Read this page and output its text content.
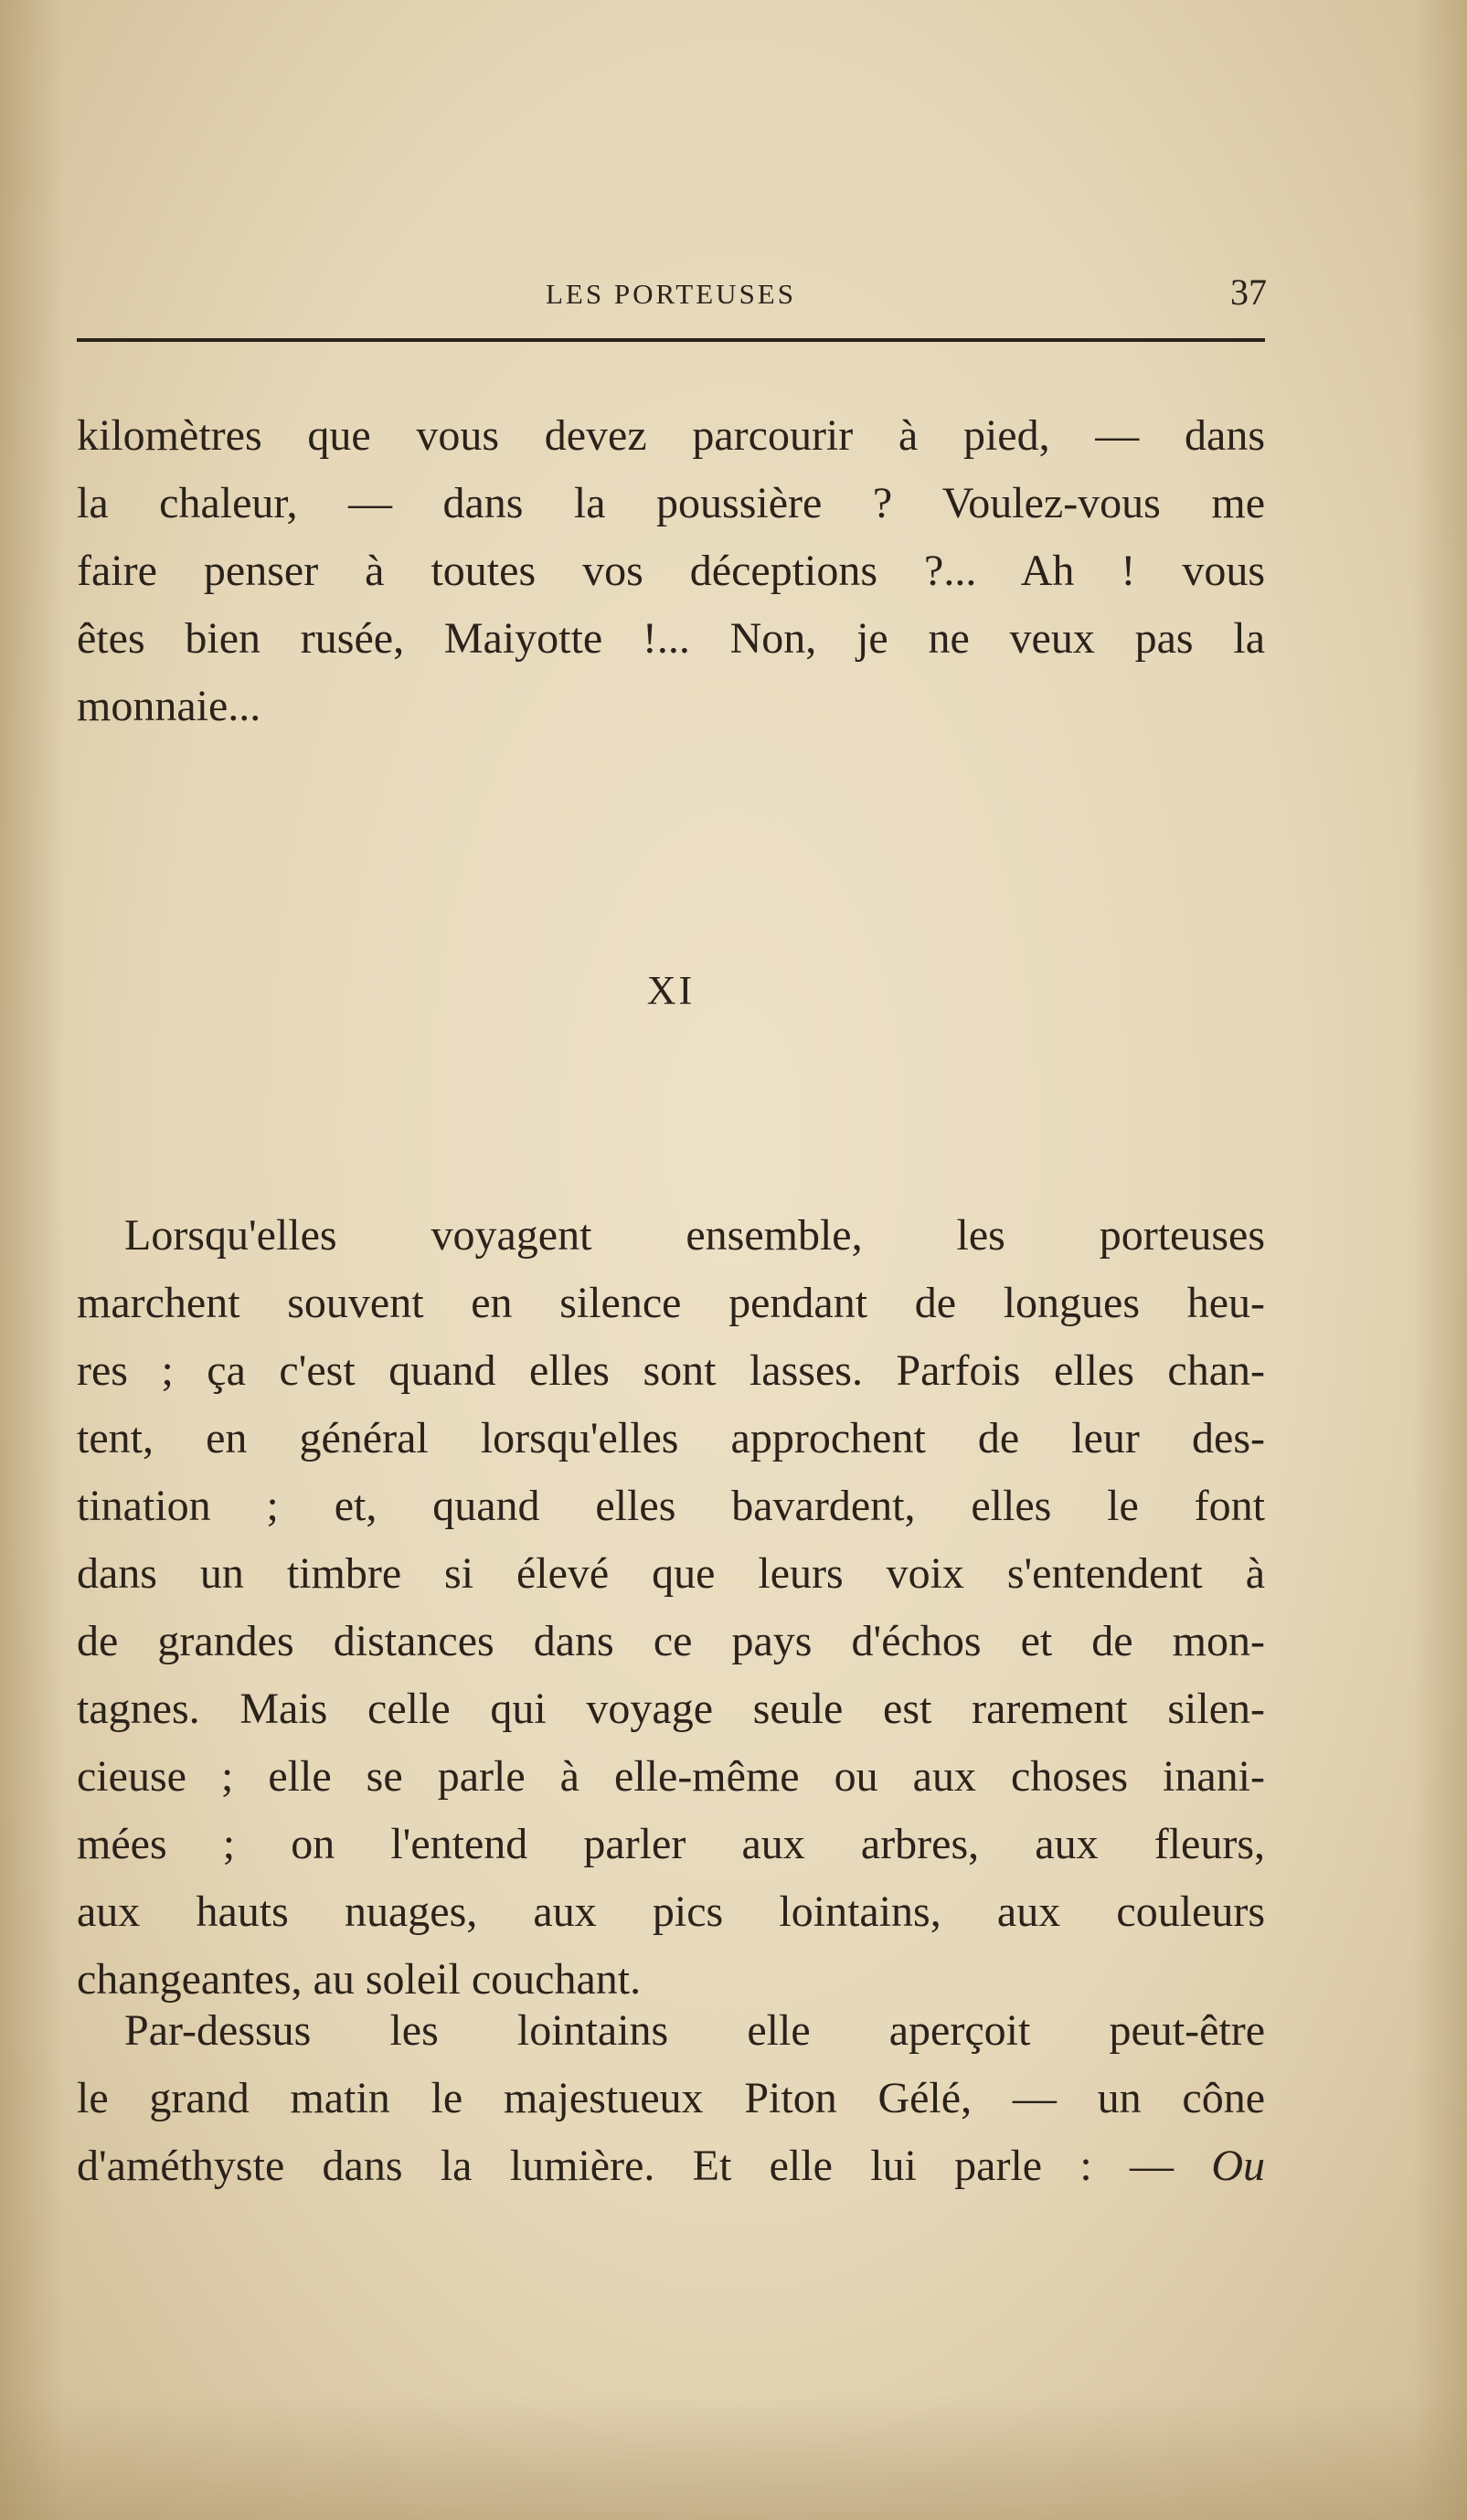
LES PORTEUSES	37
kilomètres que vous devez parcourir à pied, — dans
la chaleur, — dans la poussière ? Voulez-vous me
faire penser à toutes vos déceptions ?... Ah ! vous
êtes bien rusée, Maiyotte !... Non, je ne veux pas la
monnaie...
XI
Lorsqu'elles voyagent ensemble, les porteuses
marchent souvent en silence pendant de longues heu-
res ; ça c'est quand elles sont lasses. Parfois elles chan-
tent, en général lorsqu'elles approchent de leur des-
tination ; et, quand elles bavardent, elles le font
dans un timbre si élevé que leurs voix s'entendent à
de grandes distances dans ce pays d'échos et de mon-
tagnes. Mais celle qui voyage seule est rarement silen-
cieuse ; elle se parle à elle-même ou aux choses inani-
mées ; on l'entend parler aux arbres, aux fleurs,
aux hauts nuages, aux pics lointains, aux couleurs
changeantes, au soleil couchant.
Par-dessus les lointains elle aperçoit peut-être
le grand matin le majestueux Piton Gélé, — un cône
d'améthyste dans la lumière. Et elle lui parle : — Ou
